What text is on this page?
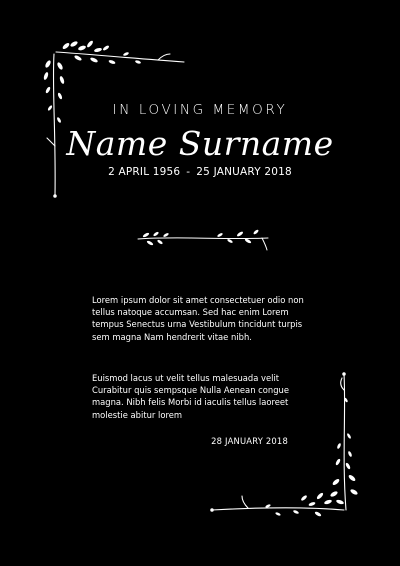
IN LOVING MEMORY
Name Surname
2 APRIL 1956 - 25 JANUARY 2018

Lorem ipsum dolor sit amet consectetuer odio non tellus natoque accumsan. Sed hac enim Lorem tempus Senectus urna Vestibulum tincidunt turpis sem magna Nam hendrerit vitae nibh.

Euismod lacus ut velit tellus malesuada velit Curabitur quis sempsque Nulla Aenean congue magna. Nibh felis Morbi id iaculis tellus laoreet molestie abitur lorem

28 JANUARY 2018
